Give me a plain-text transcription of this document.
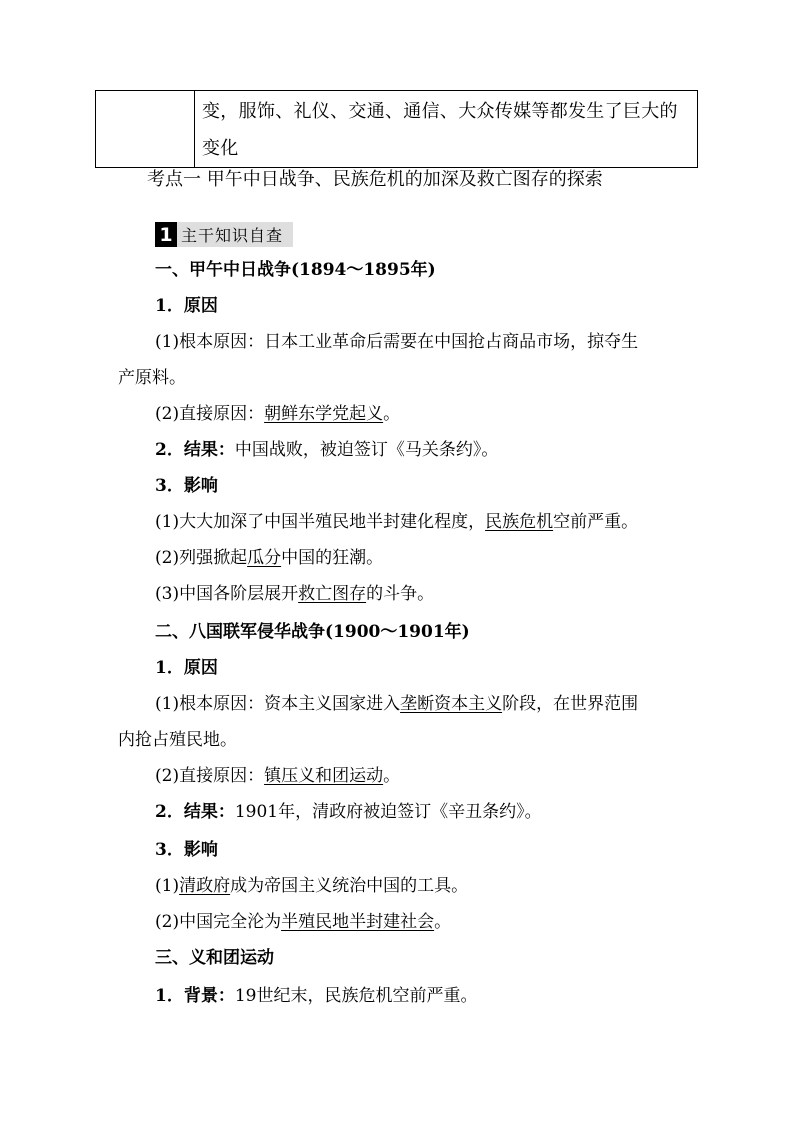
变，服饰、礼仪、交通、通信、大众传媒等都发生了巨大的
变化
考点一 甲午中日战争、民族危机的加深及救亡图存的探索
1 主干知识自查
一、甲午中日战争(1894～1895年)
1．原因
(1)根本原因：日本工业革命后需要在中国抢占商品市场，掠夺生
产原料。
(2)直接原因：朝鲜东学党起义。
2．结果：中国战败，被迫签订《马关条约》。
3．影响
(1)大大加深了中国半殖民地半封建化程度，民族危机空前严重。
(2)列强掀起瓜分中国的狂潮。
(3)中国各阶层展开救亡图存的斗争。
二、八国联军侵华战争(1900～1901年)
1．原因
(1)根本原因：资本主义国家进入垄断资本主义阶段，在世界范围
内抢占殖民地。
(2)直接原因：镇压义和团运动。
2．结果：1901年，清政府被迫签订《辛丑条约》。
3．影响
(1)清政府成为帝国主义统治中国的工具。
(2)中国完全沦为半殖民地半封建社会。
三、义和团运动
1．背景：19世纪末，民族危机空前严重。
